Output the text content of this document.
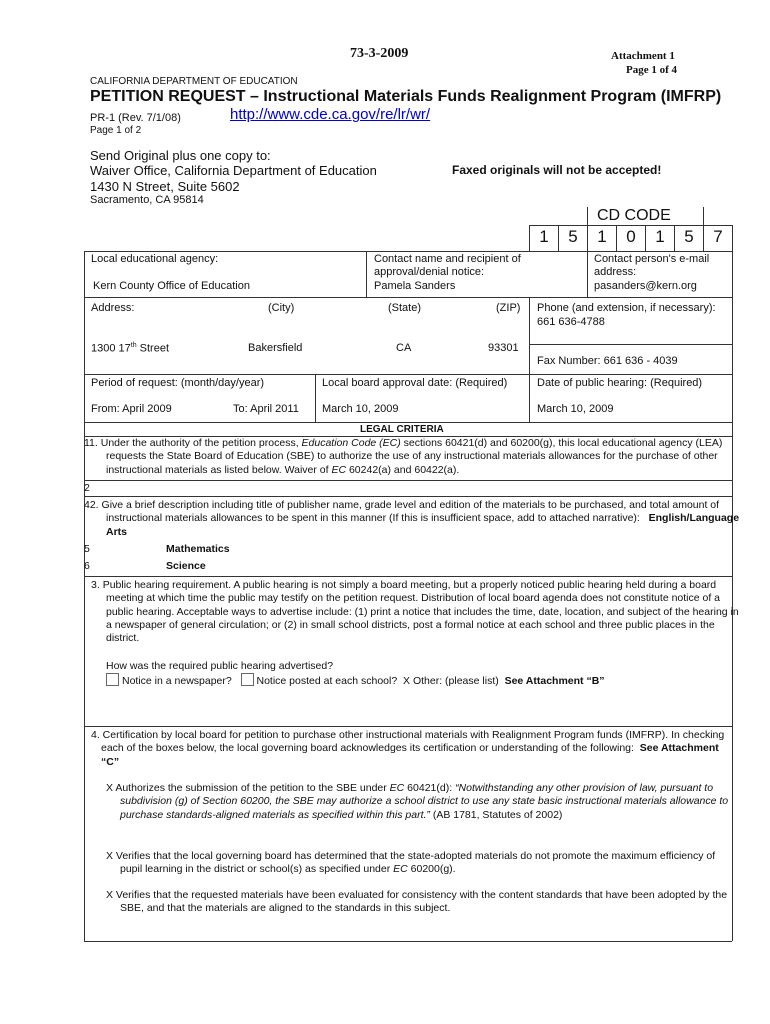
73-3-2009	Attachment 1
Page 1 of 4
CALIFORNIA DEPARTMENT OF EDUCATION
PETITION REQUEST – Instructional Materials Funds Realignment Program (IMFRP)
PR-1 (Rev. 7/1/08)	http://www.cde.ca.gov/re/lr/wr/
Page 1 of 2
Send Original plus one copy to:
Waiver Office, California Department of Education
1430 N Street, Suite 5602
Sacramento, CA 95814
Faxed originals will not be accepted!
CD CODE
1	5	1	0	1	5	7
Local educational agency:
Kern County Office of Education
Contact name and recipient of
approval/denial notice:
Pamela Sanders
Contact person's e-mail
address:
pasanders@kern.org
Address:	(City)	(State)	(ZIP)
1300 17th Street	Bakersfield	CA	93301
Phone (and extension, if necessary):
661 636-4788
Fax Number: 661 636 - 4039
Period of request: (month/day/year)
From: April 2009	To: April 2011
Local board approval date: (Required)
March 10, 2009
Date of public hearing: (Required)
March 10, 2009
LEGAL CRITERIA
11. Under the authority of the petition process, Education Code (EC) sections 60421(d) and 60200(g), this local educational agency (LEA) requests the State Board of Education (SBE) to authorize the use of any instructional materials allowances for the purchase of other instructional materials as listed below. Waiver of EC 60242(a) and 60422(a).
2
42. Give a brief description including title of publisher name, grade level and edition of the materials to be purchased, and total amount of instructional materials allowances to be spent in this manner (If this is insufficient space, add to attached narrative): English/Language Arts
5	Mathematics
6	Science
3. Public hearing requirement. A public hearing is not simply a board meeting, but a properly noticed public hearing held during a board meeting at which time the public may testify on the petition request. Distribution of local board agenda does not constitute notice of a public hearing. Acceptable ways to advertise include: (1) print a notice that includes the time, date, location, and subject of the hearing in a newspaper of general circulation; or (2) in small school districts, post a formal notice at each school and three public places in the district.
How was the required public hearing advertised?
Notice in a newspaper? Notice posted at each school? X Other: (please list) See Attachment “B”
4. Certification by local board for petition to purchase other instructional materials with Realignment Program funds (IMFRP). In checking each of the boxes below, the local governing board acknowledges its certification or understanding of the following: See Attachment “C”
X Authorizes the submission of the petition to the SBE under EC 60421(d): “Notwithstanding any other provision of law, pursuant to subdivision (g) of Section 60200, the SBE may authorize a school district to use any state basic instructional materials allowance to purchase standards-aligned materials as specified within this part.” (AB 1781, Statutes of 2002)
X Verifies that the local governing board has determined that the state-adopted materials do not promote the maximum efficiency of pupil learning in the district or school(s) as specified under EC 60200(g).
X Verifies that the requested materials have been evaluated for consistency with the content standards that have been adopted by the SBE, and that the materials are aligned to the standards in this subject.
